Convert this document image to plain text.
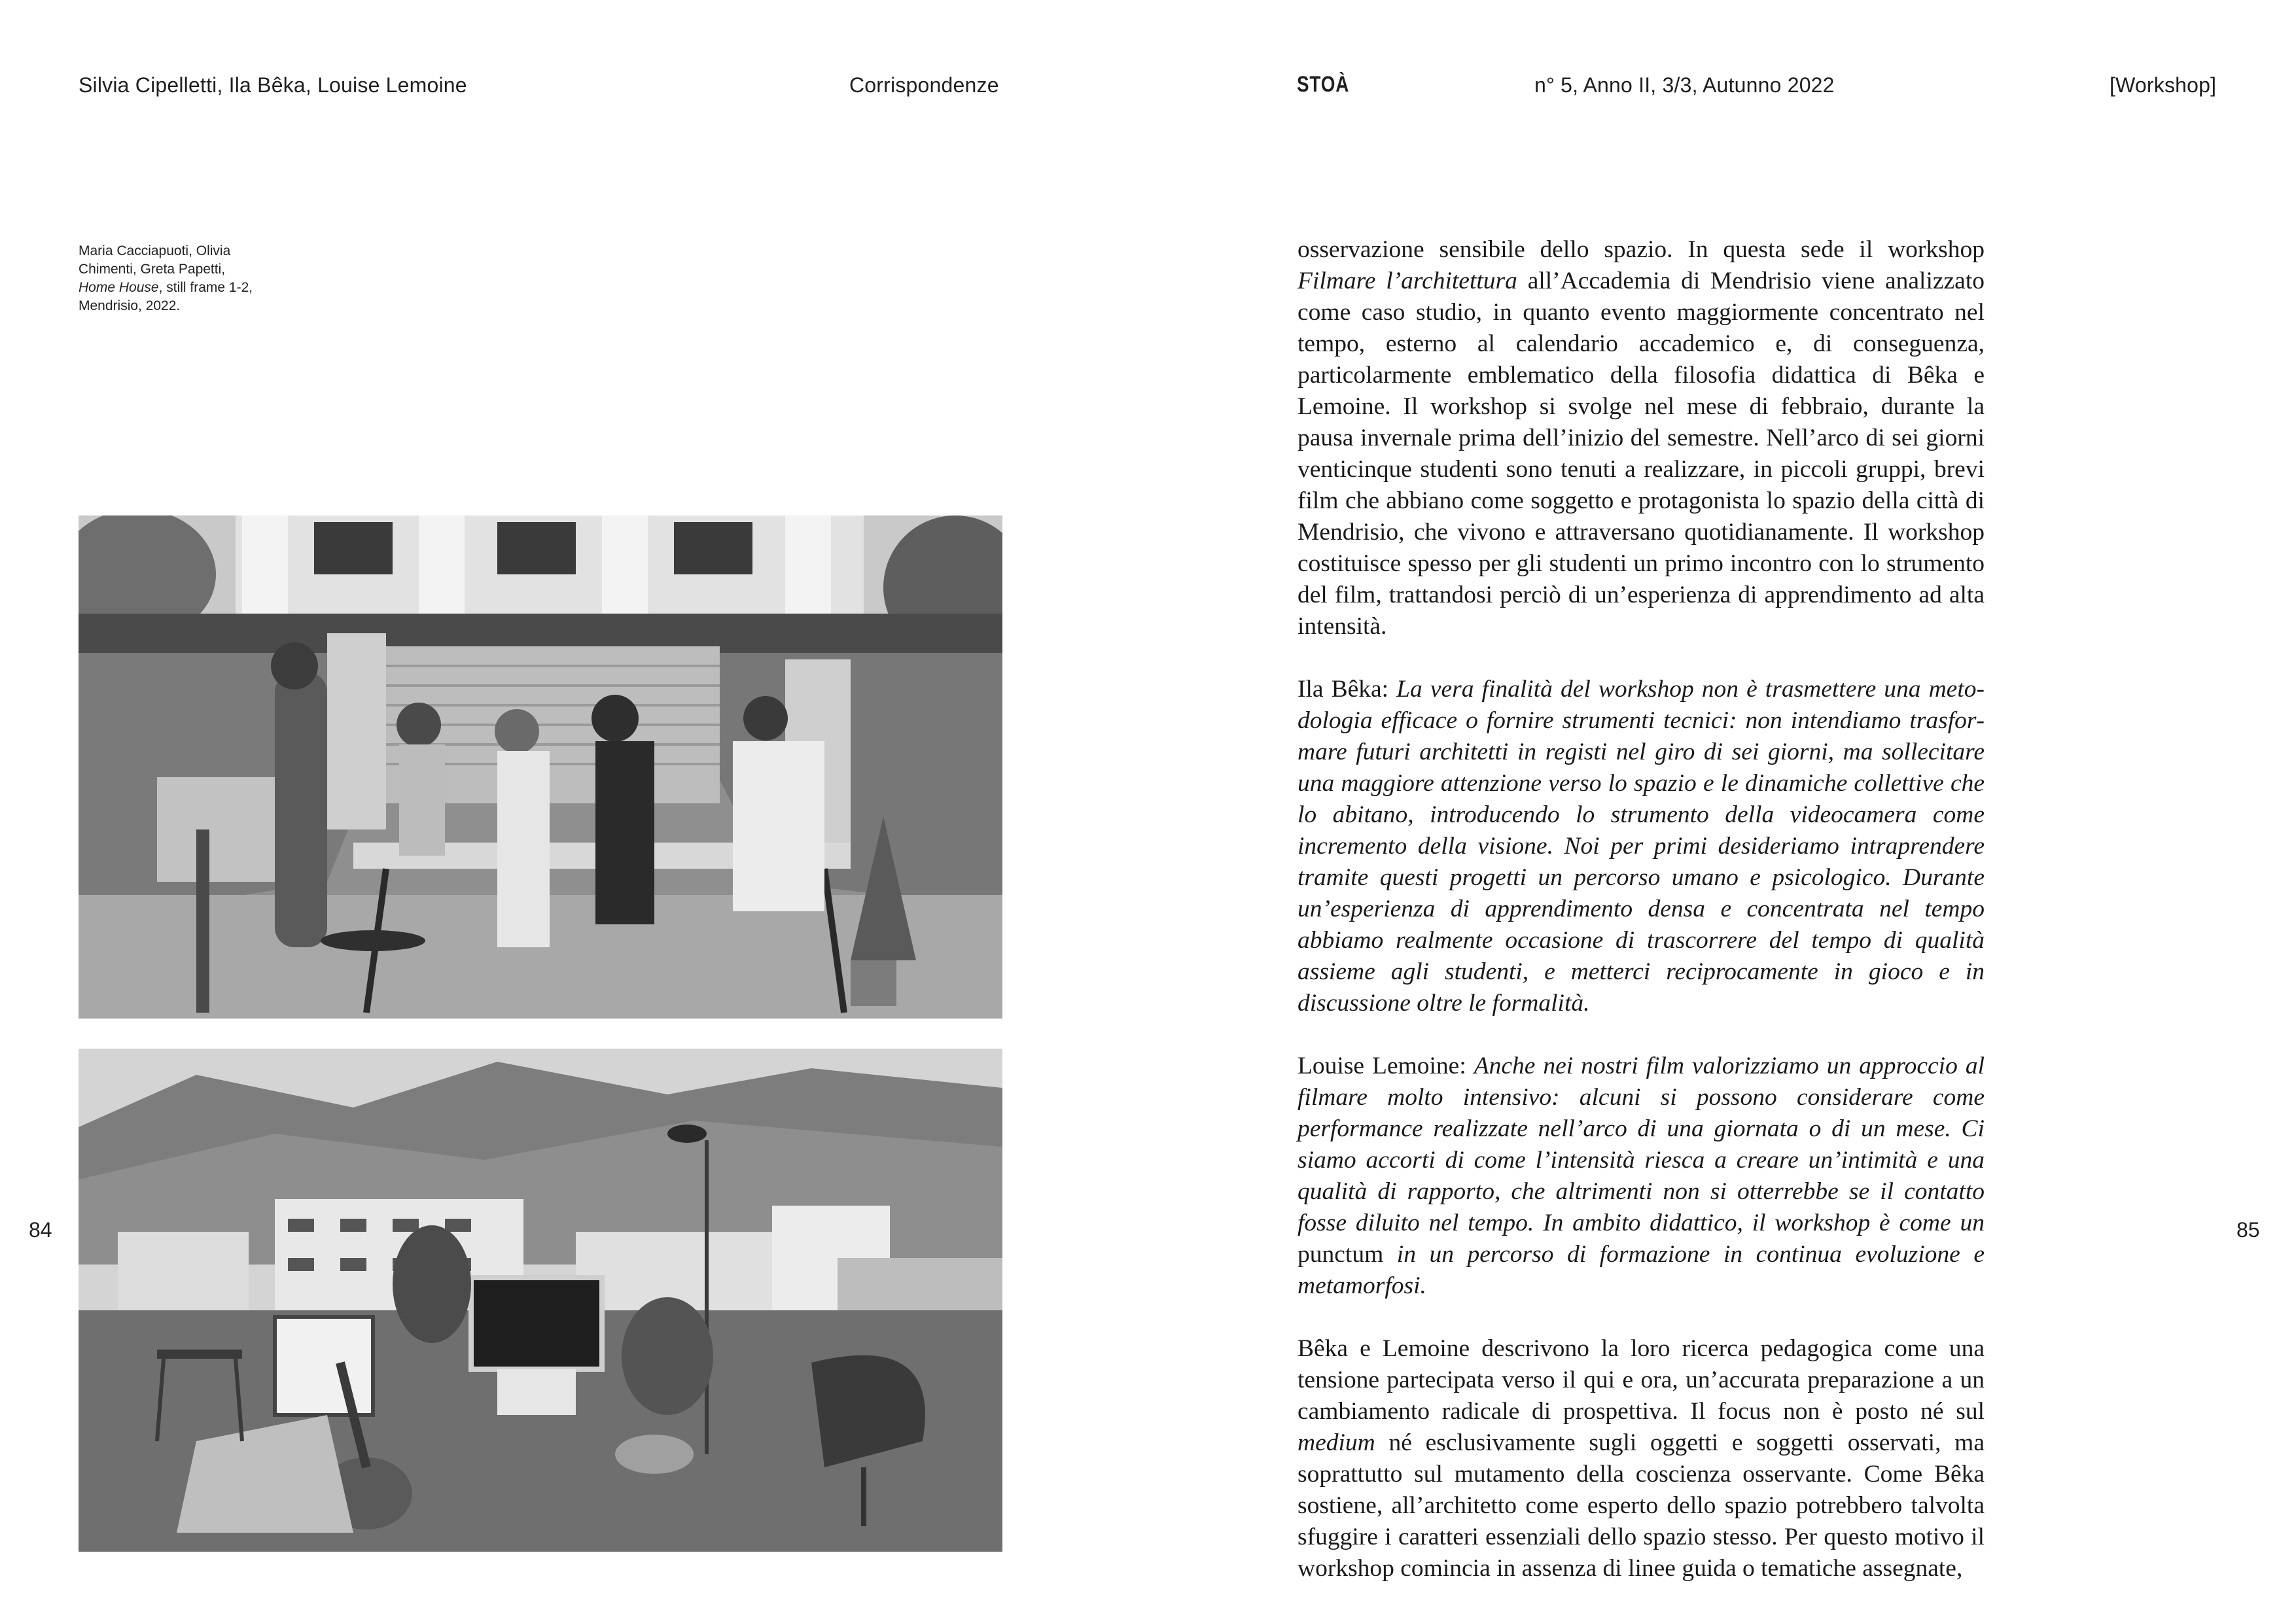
Silvia Cipelletti, Ila Bêka, Louise Lemoine	Corrispondenze	STOÀ	n° 5, Anno II, 3/3, Autunno 2022	[Workshop]
Maria Cacciapuoti, Olivia
Chimenti, Greta Papetti,
Home House, still frame 1-2,
Mendrisio, 2022.
84	85

osservazione sensibile dello spazio. In questa sede il workshop Filmare l’architettura all’Accademia di Mendrisio viene analizzato come caso studio, in quanto evento maggiormente concentrato nel tempo, esterno al calendario accademico e, di conseguenza, particolarmente emblematico della filosofia didattica di Bêka e Lemoine. Il workshop si svolge nel mese di febbraio, durante la pausa invernale prima dell’inizio del semestre. Nell’arco di sei giorni venticinque studenti sono tenuti a realizzare, in piccoli gruppi, brevi film che abbiano come soggetto e protagonista lo spazio della città di Mendrisio, che vivono e attraversano quotidianamente. Il workshop costituisce spesso per gli studenti un primo incontro con lo strumento del film, trattandosi perciò di un’esperienza di apprendimento ad alta intensità.

Ila Bêka: La vera finalità del workshop non è trasmettere una metodologia efficace o fornire strumenti tecnici: non intendiamo trasformare futuri architetti in registi nel giro di sei giorni, ma sollecitare una maggiore attenzione verso lo spazio e le dinamiche collettive che lo abitano, introducendo lo strumento della videocamera come incremento della visione. Noi per primi desideriamo intraprendere tramite questi progetti un percorso umano e psicologico. Durante un’esperienza di apprendimento densa e concentrata nel tempo abbiamo realmente occasione di trascorrere del tempo di qualità assieme agli studenti, e metterci reciprocamente in gioco e in discussione oltre le formalità.

Louise Lemoine: Anche nei nostri film valorizziamo un approccio al filmare molto intensivo: alcuni si possono considerare come performance realizzate nell’arco di una giornata o di un mese. Ci siamo accorti di come l’intensità riesca a creare un’intimità e una qualità di rapporto, che altrimenti non si otterrebbe se il contatto fosse diluito nel tempo. In ambito didattico, il workshop è come un punctum in un percorso di formazione in continua evoluzione e metamorfosi.

Bêka e Lemoine descrivono la loro ricerca pedagogica come una tensione partecipata verso il qui e ora, un’accurata preparazione a un cambiamento radicale di prospettiva. Il focus non è posto né sul medium né esclusivamente sugli oggetti e soggetti osservati, ma soprattutto sul mutamento della coscienza osservante. Come Bêka sostiene, all’architetto come esperto dello spazio potrebbero talvolta sfuggire i caratteri essenziali dello spazio stesso. Per questo motivo il workshop comincia in assenza di linee guida o tematiche assegnate,
